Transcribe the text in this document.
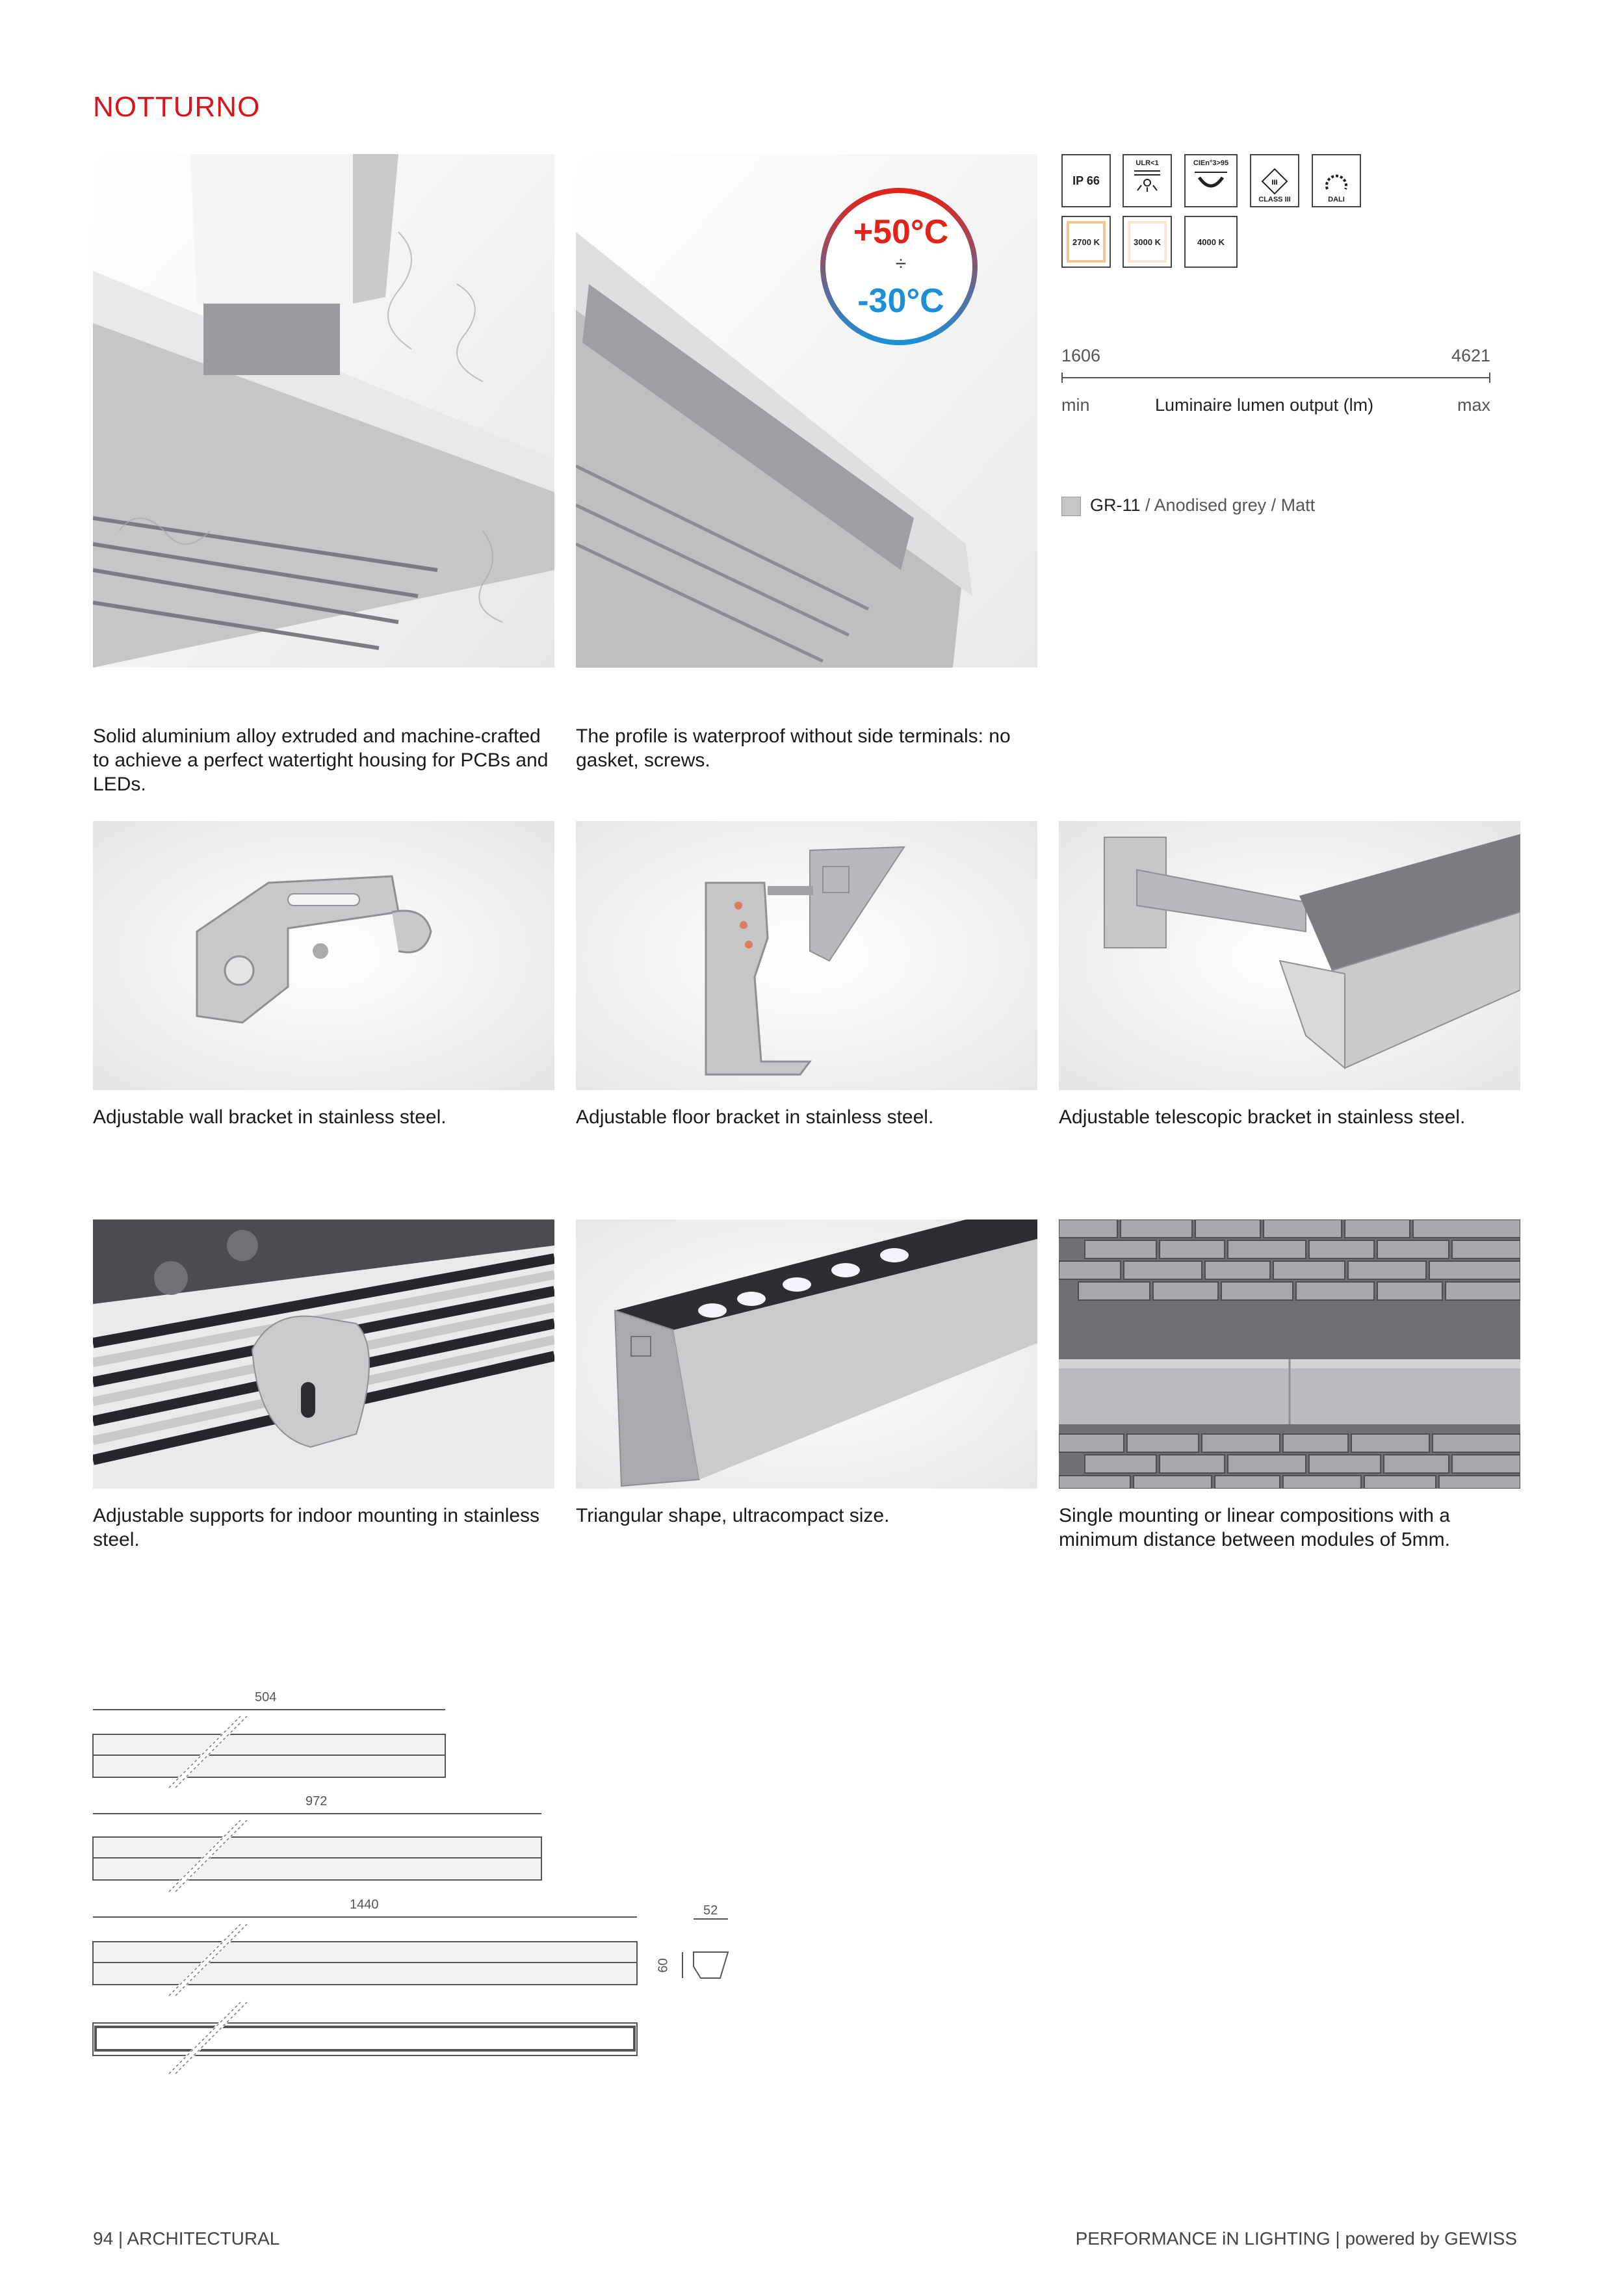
NOTTURNO
+50°C
÷
-30°C
Solid aluminium alloy extruded and machine-crafted to achieve a perfect watertight housing for PCBs and LEDs.
The profile is waterproof without side terminals: no gasket, screws.
IP 66
ULR<1	CIEn°3>95
III
CLASS III	DALI
2700 K	3000 K	4000 K
1606	4621
min	Luminaire lumen output (lm)	max
GR-11 / Anodised grey / Matt
Adjustable wall bracket in stainless steel.	Adjustable floor bracket in stainless steel.	Adjustable telescopic bracket in stainless steel.
Adjustable supports for indoor mounting in stainless steel.
Triangular shape, ultracompact size.	Single mounting or linear compositions with a minimum distance between modules of 5mm.
504
972
1440	52
60
94 | ARCHITECTURAL	PERFORMANCE iN LIGHTING | powered by GEWISS
